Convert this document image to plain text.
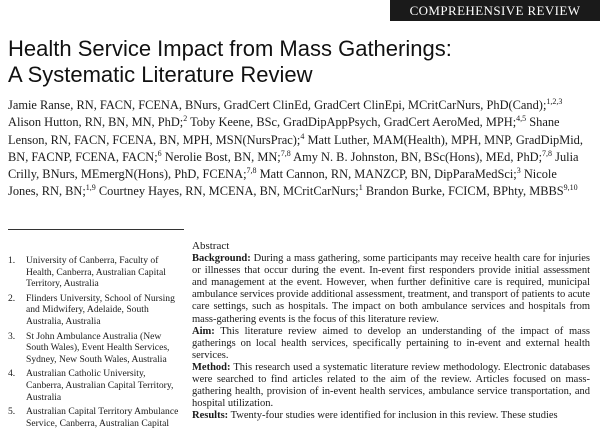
COMPREHENSIVE REVIEW
Health Service Impact from Mass Gatherings:
A Systematic Literature Review

Jamie Ranse, RN, FACN, FCENA, BNurs, GradCert ClinEd, GradCert ClinEpi, MCritCarNurs, PhD(Cand);$^{1,2,3}$ Alison Hutton, RN, BN, MN, PhD;$^2$ Toby Keene, BSc, GradDipAppPsych, GradCert AeroMed, MPH;$^{4,5}$ Shane Lenson, RN, FACN, FCENA, BN, MPH, MSN(NursPrac);$^4$ Matt Luther, MAM(Health), MPH, MNP, GradDipMid, BN, FACNP, FCENA, FACN;$^6$ Nerolie Bost, BN, MN;$^{7,8}$ Amy N. B. Johnston, BN, BSc(Hons), MEd, PhD;$^{7,8}$ Julia Crilly, BNurs, MEmergN(Hons), PhD, FCENA;$^{7,8}$ Matt Cannon, RN, MANZCP, BN, DipParaMedSci;$^3$ Nicole Jones, RN, BN;$^{1,9}$ Courtney Hayes, RN, MCENA, BN, MCritCarNurs;$^1$ Brandon Burke, FCICM, BPhty, MBBS$^{9,10}$

1. University of Canberra, Faculty of Health, Canberra, Australian Capital Territory, Australia
2. Flinders University, School of Nursing and Midwifery, Adelaide, South Australia, Australia
3. St John Ambulance Australia (New South Wales), Event Health Services, Sydney, New South Wales, Australia
4. Australian Catholic University, Canberra, Australian Capital Territory, Australia
5. Australian Capital Territory Ambulance Service, Canberra, Australian Capital

Abstract

Background: During a mass gathering, some participants may receive health care for injuries or illnesses that occur during the event. In-event first responders provide initial assessment and management at the event. However, when further definitive care is required, municipal ambulance services provide additional assessment, treatment, and transport of patients to acute care settings, such as hospitals. The impact on both ambulance services and hospitals from mass-gathering events is the focus of this literature review.

Aim: This literature review aimed to develop an understanding of the impact of mass gatherings on local health services, specifically pertaining to in-event and external health services.

Method: This research used a systematic literature review methodology. Electronic databases were searched to find articles related to the aim of the review. Articles focused on mass-gathering health, provision of in-event health services, ambulance service transportation, and hospital utilization.

Results: Twenty-four studies were identified for inclusion in this review. These studies
